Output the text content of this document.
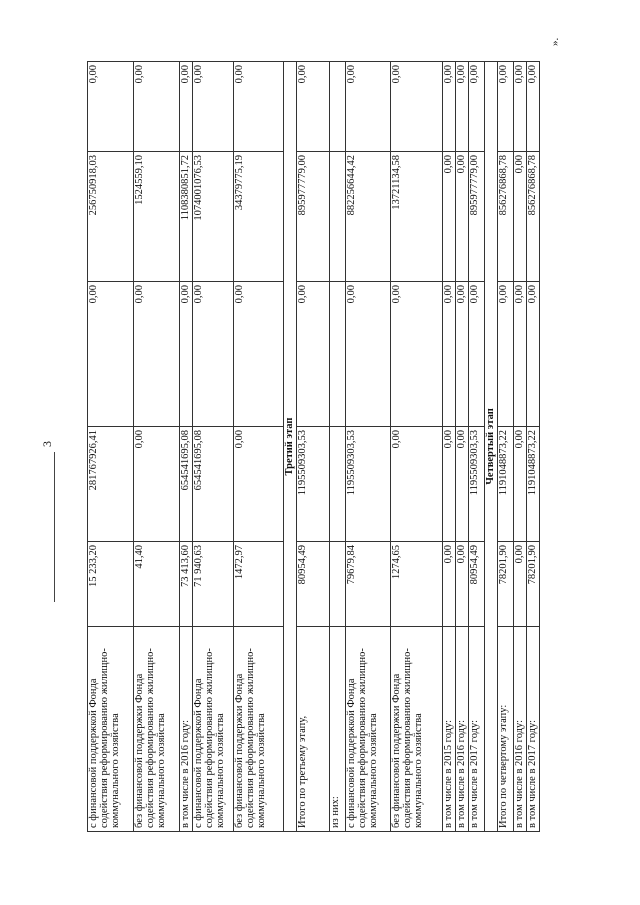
3
».
с финансовой поддержкой Фонда содействия реформированию жилищно-коммунального хозяйства	15 233,20	281767926,41	0,00	256750918,03	0,00
без финансовой поддержки Фонда содействия реформированию жилищно-коммунального хозяйства	41,40	0,00	0,00	1524559,10	0,00
в том числе в 2016 году:	73 413,60	654541695,08	0,00	1108380851,72	0,00
с финансовой поддержкой Фонда содействия реформированию жилищно-коммунального хозяйства	71 940,63	654541695,08	0,00	1074001076,53	0,00
без финансовой поддержки Фонда содействия реформированию жилищно-коммунального хозяйства	1472,97	0,00	0,00	34379775,19	0,00
Третий этап					
Итого по третьему этапу,	80954,49	1195509303,53	0,00	895977779,00	0,00
из них:					
с финансовой поддержкой Фонда содействия реформированию жилищно-коммунального хозяйства	79679,84	1195509303,53	0,00	882256644,42	0,00
без финансовой поддержки Фонда содействия реформированию жилищно-коммунального хозяйства	1274,65	0,00	0,00	13721134,58	0,00
в том числе в 2015 году:	0,00	0,00	0,00	0,00	0,00
в том числе в 2016 году:	0,00	0,00	0,00	0,00	0,00
в том числе в 2017 году:	80954,49	1195509303,53	0,00	895977779,00	0,00
Четвертый этап					
Итого по четвертому этапу:	78201,90	1191048873,22	0,00	856276868,78	0,00
в том числе в 2016 году:	0,00	0,00	0,00	0,00	0,00
в том числе в 2017 году:	78201,90	1191048873,22	0,00	856276868,78	0,00
